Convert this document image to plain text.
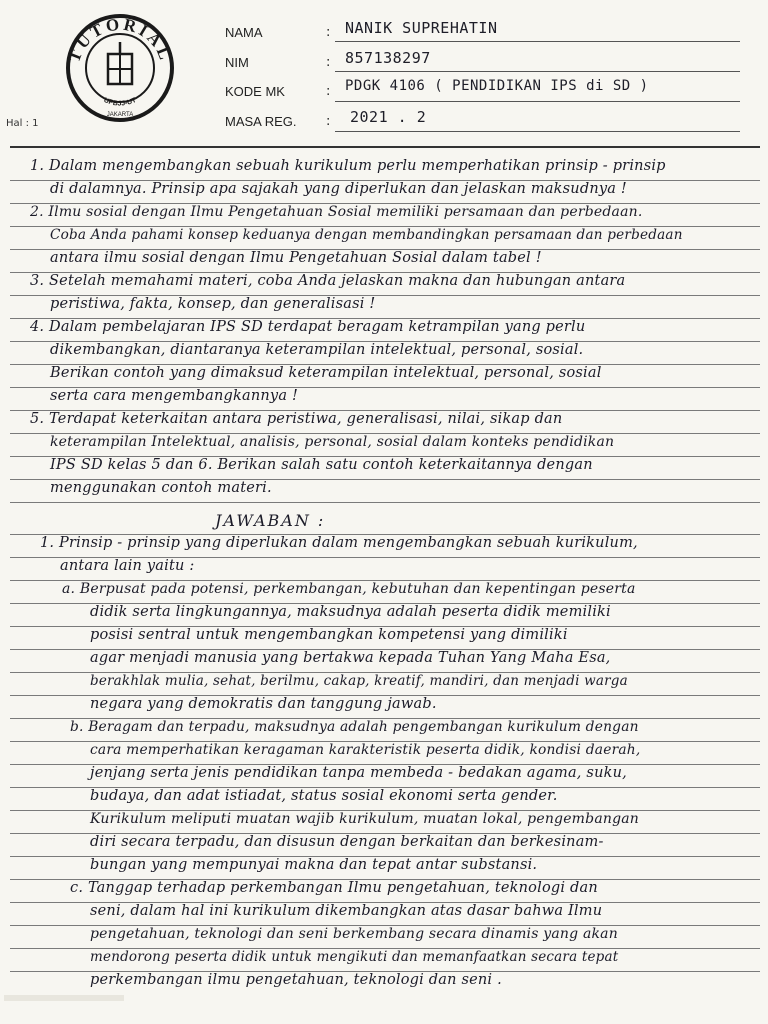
TUTORIAL
UPBJJ-UT
JAKARTA
Hal : 1
NAMA	: NANIK SUPREHATIN
NIM	: 857138297
KODE MK	: PDGK 4106 ( PENDIDIKAN IPS di SD )
MASA REG. : 2021 . 2
1. Dalam mengembangkan sebuah kurikulum perlu memperhatikan prinsip - prinsip
di dalamnya. Prinsip apa sajakah yang diperlukan dan jelaskan maksudnya !
2. Ilmu sosial dengan Ilmu Pengetahuan Sosial memiliki persamaan dan perbedaan.
Coba Anda pahami konsep keduanya dengan membandingkan persamaan dan perbedaan
antara ilmu sosial dengan Ilmu Pengetahuan Sosial dalam tabel !
3. Setelah memahami materi, coba Anda jelaskan makna dan hubungan antara
peristiwa, fakta, konsep, dan generalisasi !
4. Dalam pembelajaran IPS SD terdapat beragam ketrampilan yang perlu
dikembangkan, diantaranya keterampilan intelektual, personal, sosial.
Berikan contoh yang dimaksud keterampilan intelektual, personal, sosial
serta cara mengembangkannya !
5. Terdapat keterkaitan antara peristiwa, generalisasi, nilai, sikap dan
keterampilan Intelektual, analisis, personal, sosial dalam konteks pendidikan
IPS SD kelas 5 dan 6. Berikan salah satu contoh keterkaitannya dengan
menggunakan contoh materi.
JAWABAN :
1. Prinsip - prinsip yang diperlukan dalam mengembangkan sebuah kurikulum,
antara lain yaitu :
a. Berpusat pada potensi, perkembangan, kebutuhan dan kepentingan peserta
didik serta lingkungannya, maksudnya adalah peserta didik memiliki
posisi sentral untuk mengembangkan kompetensi yang dimiliki
agar menjadi manusia yang bertakwa kepada Tuhan Yang Maha Esa,
berakhlak mulia, sehat, berilmu, cakap, kreatif, mandiri, dan menjadi warga
negara yang demokratis dan tanggung jawab.
b. Beragam dan terpadu, maksudnya adalah pengembangan kurikulum dengan
cara memperhatikan keragaman karakteristik peserta didik, kondisi daerah,
jenjang serta jenis pendidikan tanpa membeda - bedakan agama, suku,
budaya, dan adat istiadat, status sosial ekonomi serta gender.
Kurikulum meliputi muatan wajib kurikulum, muatan lokal, pengembangan
diri secara terpadu, dan disusun dengan berkaitan dan berkesinam-
bungan yang mempunyai makna dan tepat antar substansi.
c. Tanggap terhadap perkembangan Ilmu pengetahuan, teknologi dan
seni, dalam hal ini kurikulum dikembangkan atas dasar bahwa Ilmu
pengetahuan, teknologi dan seni berkembang secara dinamis yang akan
mendorong peserta didik untuk mengikuti dan memanfaatkan secara tepat
perkembangan ilmu pengetahuan, teknologi dan seni .
